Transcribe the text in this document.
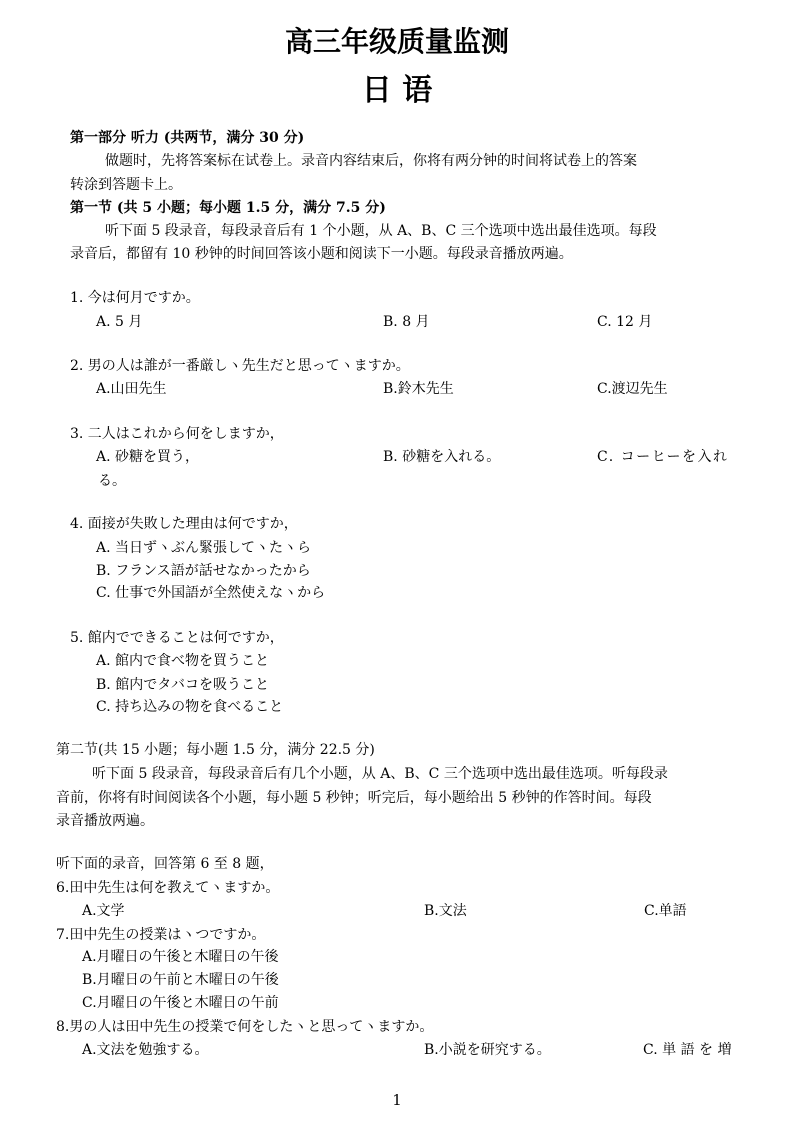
高三年级质量监测
日 语
第一部分 听力 (共两节，满分 30 分)
做题时，先将答案标在试卷上。录音内容结束后，你将有两分钟的时间将试卷上的答案
转涂到答题卡上。
第一节 (共 5 小题；每小题 1.5 分，满分 7.5 分)
听下面 5 段录音，每段录音后有 1 个小题，从 A、B、C 三个选项中选出最佳选项。每段
录音后，都留有 10 秒钟的时间回答该小题和阅读下一小题。每段录音播放两遍。
1. 今は何月ですか。
A. 5 月	B. 8 月	C. 12 月
2. 男の人は誰が一番厳しヽ先生だと思ってヽますか。
A.山田先生	B.鈴木先生	C.渡辺先生
3. 二人はこれから何をしますか，
A. 砂糖を買う，	B. 砂糖を入れる。	C. コーヒーを入れ
る。
4. 面接が失敗した理由は何ですか，
A. 当日ずヽぶん緊張してヽたヽら
B. フランス語が話せなかったから
C. 仕事で外国語が全然使えなヽから
5. 館内でできることは何ですか，
A. 館内で食べ物を買うこと
B. 館内でタバコを吸うこと
C. 持ち込みの物を食べること
第二节(共 15 小题；每小题 1.5 分，满分 22.5 分)
听下面 5 段录音，每段录音后有几个小题，从 A、B、C 三个选项中选出最佳选项。听每段录
音前，你将有时间阅读各个小题，每小题 5 秒钟；听完后，每小题给出 5 秒钟的作答时间。每段
录音播放两遍。
听下面的录音，回答第 6 至 8 题，
6.田中先生は何を教えてヽますか。
A.文学	B.文法	C.单語
7.田中先生の授業はヽつですか。
A.月曜日の午後と木曜日の午後
B.月曜日の午前と木曜日の午後
C.月曜日の午後と木曜日の午前
8.男の人は田中先生の授業で何をしたヽと思ってヽますか。
A.文法を勉強する。	B.小説を研究する。	C. 単 語 を 増
1
